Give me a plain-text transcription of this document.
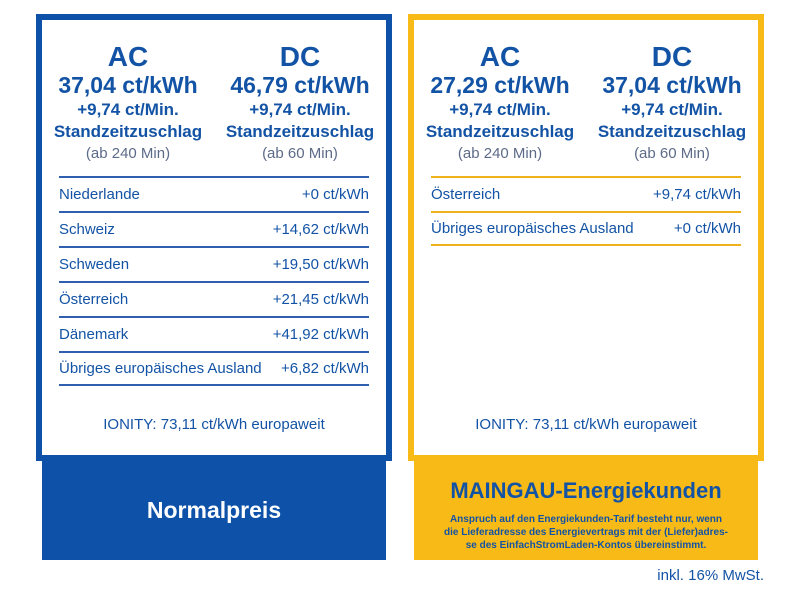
AC
37,04 ct/kWh
+9,74 ct/Min.
Standzeitzuschlag
(ab 240 Min)
DC
46,79 ct/kWh
+9,74 ct/Min.
Standzeitzuschlag
(ab 60 Min)
Niederlande	+0 ct/kWh
Schweiz	+14,62 ct/kWh
Schweden	+19,50 ct/kWh
Österreich	+21,45 ct/kWh
Dänemark	+41,92 ct/kWh
Übriges europäisches Ausland +6,82 ct/kWh
IONITY: 73,11 ct/kWh europaweit
Normalpreis
AC
27,29 ct/kWh
+9,74 ct/Min.
Standzeitzuschlag
(ab 240 Min)
DC
37,04 ct/kWh
+9,74 ct/Min.
Standzeitzuschlag
(ab 60 Min)
Österreich	+9,74 ct/kWh
Übriges europäisches Ausland	+0 ct/kWh
IONITY: 73,11 ct/kWh europaweit
MAINGAU-Energiekunden
Anspruch auf den Energiekunden-Tarif besteht nur, wenn
die Lieferadresse des Energievertrags mit der (Liefer)adres-
se des EinfachStromLaden-Kontos übereinstimmt.
inkl. 16% MwSt.
